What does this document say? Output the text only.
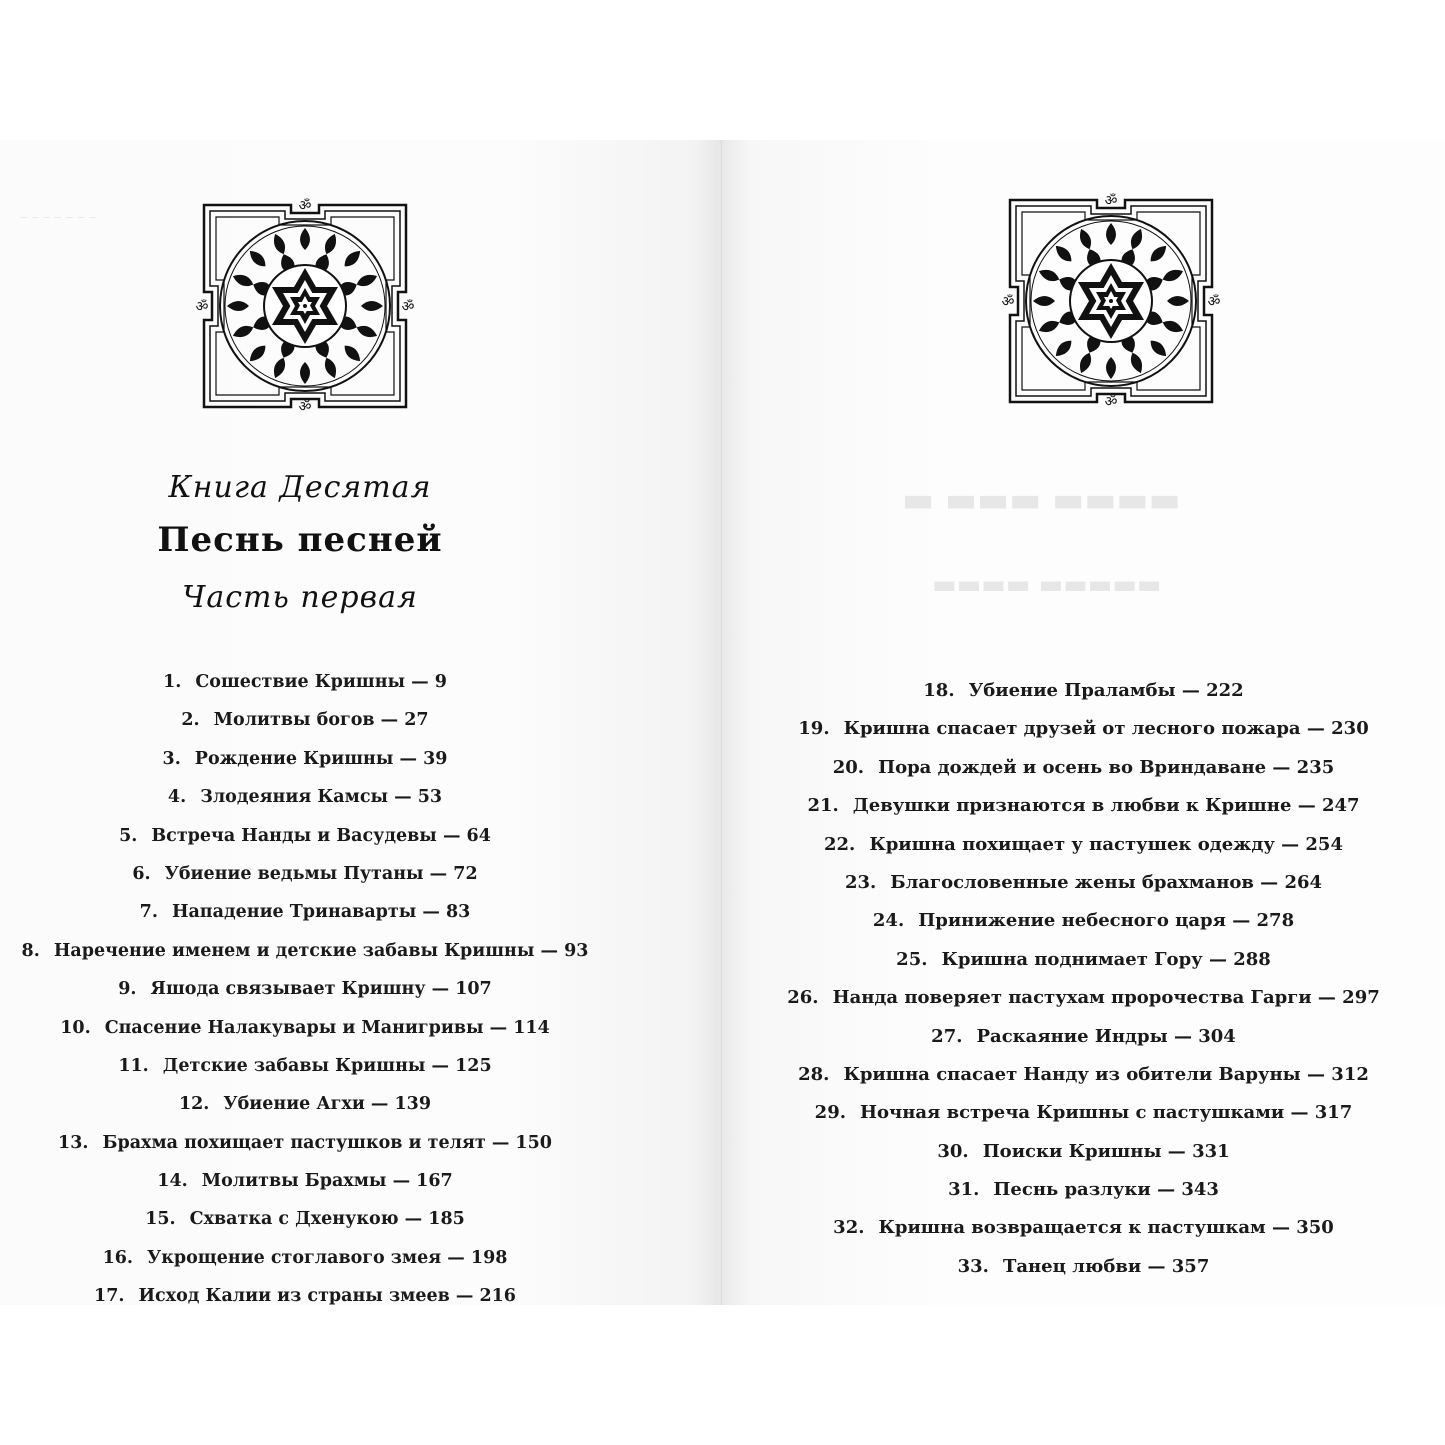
‒ ‒ ‒ ‒ ‒ ‒ ‒
ॐ
ॐ
ॐ	ॐ
Книга Десятая
Песнь песней
Часть первая
1. Сошествие Кришны — 9
2. Молитвы богов — 27
3. Рождение Кришны — 39
4. Злодеяния Камсы — 53
5. Встреча Нанды и Васудевы — 64
6. Убиение ведьмы Путаны — 72
7. Нападение Тринаварты — 83
8. Наречение именем и детские забавы Кришны — 93
9. Яшода связывает Кришну — 107
10. Спасение Налакувары и Манигривы — 114
11. Детские забавы Кришны — 125
12. Убиение Агхи — 139
13. Брахма похищает пастушков и телят — 150
14. Молитвы Брахмы — 167
15. Схватка с Дхенукою — 185
16. Укрощение стоглавого змея — 198
17. Исход Калии из страны змеев — 216
ॐ
ॐ
ॐ	ॐ
▬ ▬▬▬ ▬▬▬▬
▬▬▬▬ ▬▬▬▬▬
18. Убиение Праламбы — 222
19. Кришна спасает друзей от лесного пожара — 230
20. Пора дождей и осень во Вриндаване — 235
21. Девушки признаются в любви к Кришне — 247
22. Кришна похищает у пастушек одежду — 254
23. Благословенные жены брахманов — 264
24. Принижение небесного царя — 278
25. Кришна поднимает Гору — 288
26. Нанда поверяет пастухам пророчества Гарги — 297
27. Раскаяние Индры — 304
28. Кришна спасает Нанду из обители Варуны — 312
29. Ночная встреча Кришны с пастушками — 317
30. Поиски Кришны — 331
31. Песнь разлуки — 343
32. Кришна возвращается к пастушкам — 350
33. Танец любви — 357
